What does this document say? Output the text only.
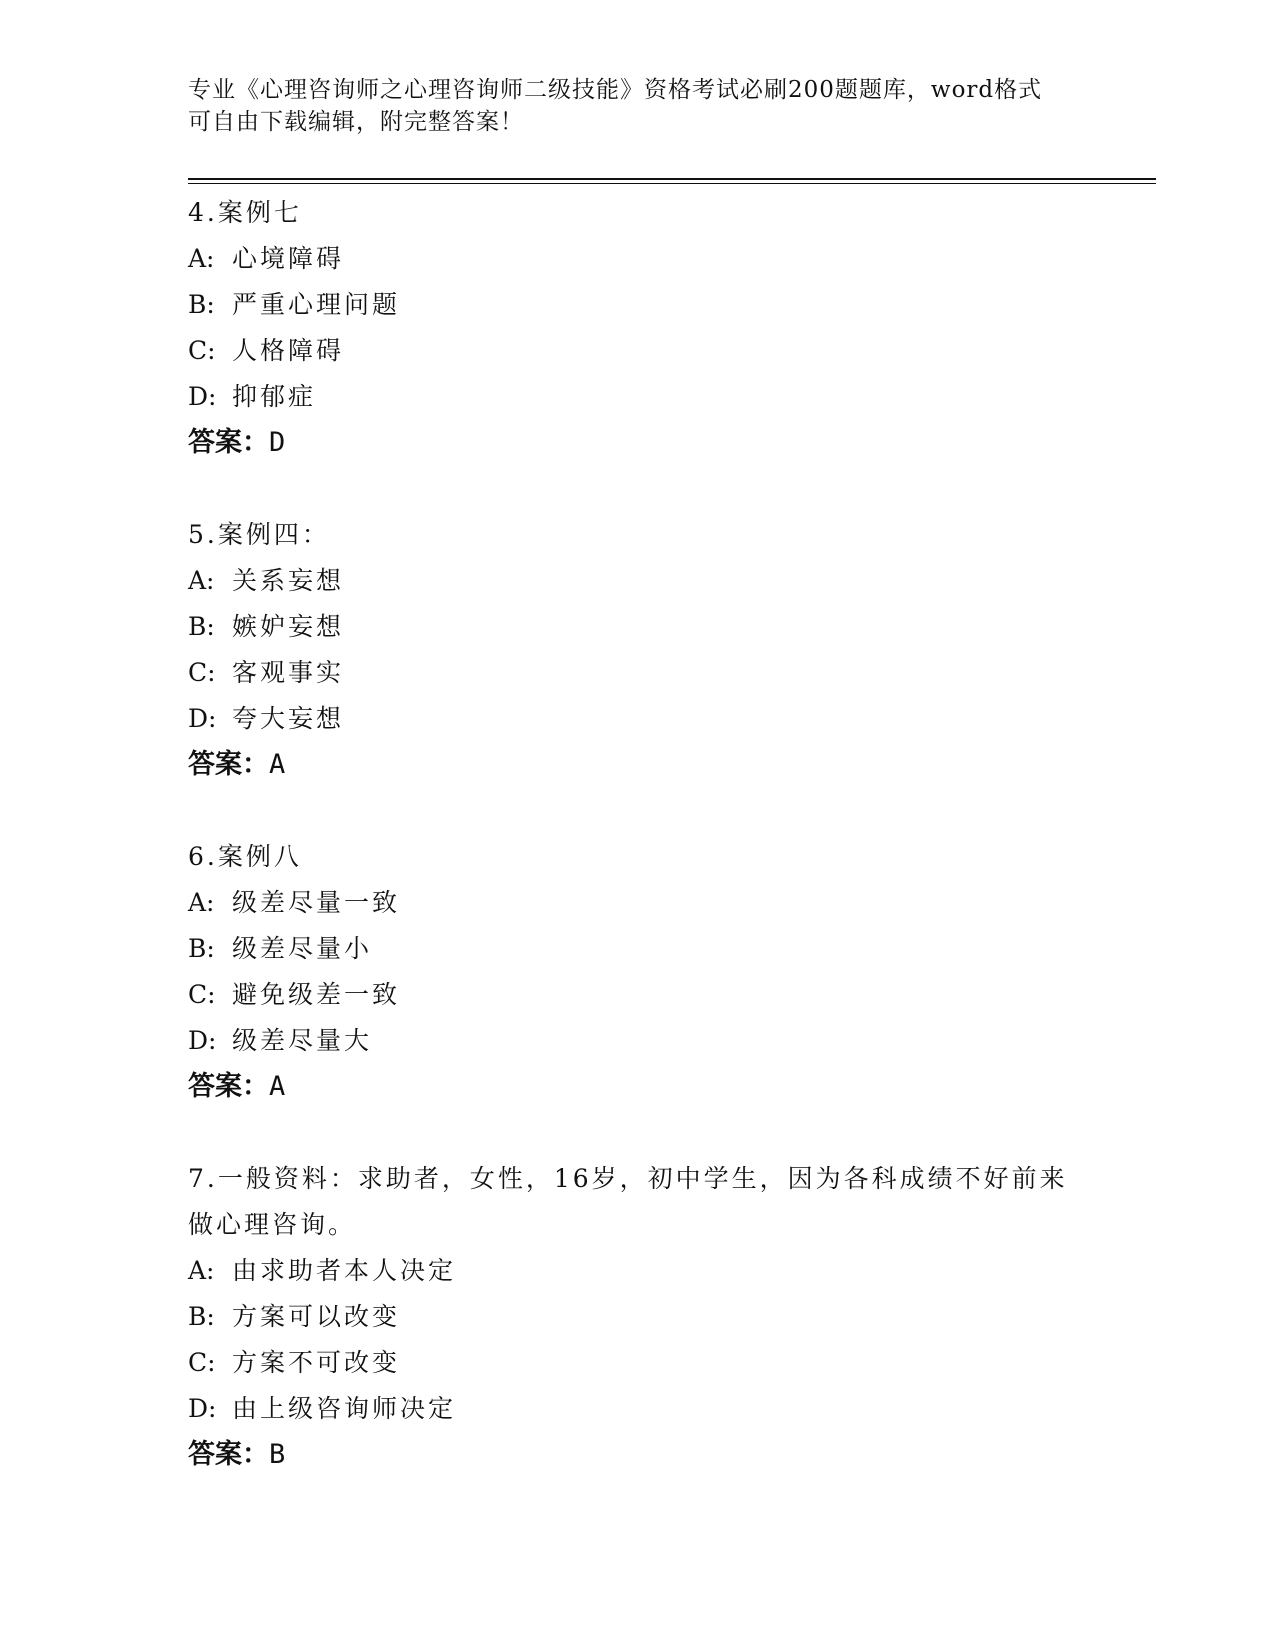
专业《心理咨询师之心理咨询师二级技能》资格考试必刷200题题库，word格式
可自由下载编辑，附完整答案！
4.案例七
A: 心境障碍
B: 严重心理问题
C: 人格障碍
D: 抑郁症
答案：D
5.案例四：
A: 关系妄想
B: 嫉妒妄想
C: 客观事实
D: 夸大妄想
答案：A
6.案例八
A: 级差尽量一致
B: 级差尽量小
C: 避免级差一致
D: 级差尽量大
答案：A
7.一般资料：求助者，女性，16岁，初中学生，因为各科成绩不好前来做心理咨询。
A: 由求助者本人决定
B: 方案可以改变
C: 方案不可改变
D: 由上级咨询师决定
答案：B
